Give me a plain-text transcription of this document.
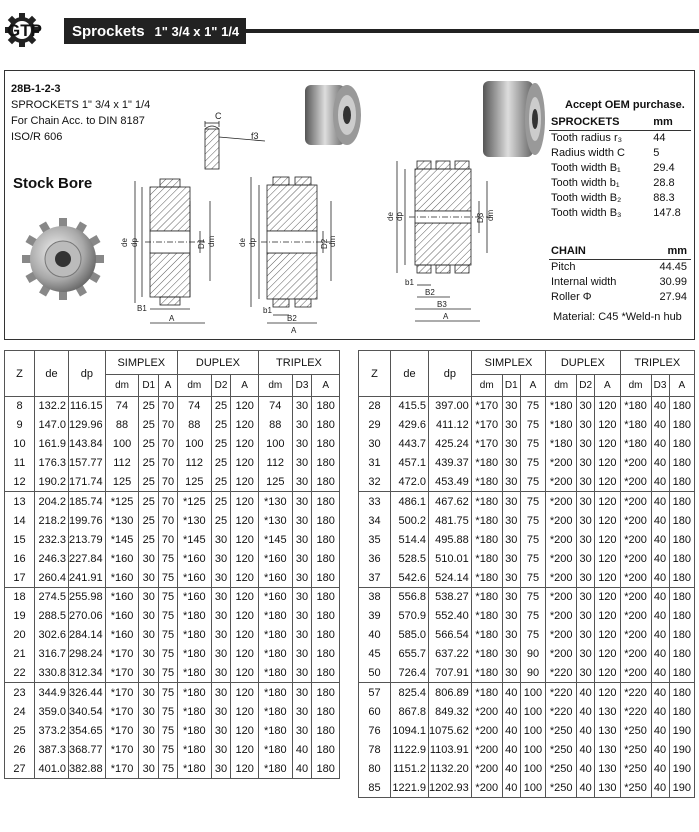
GTP Sprockets 1" 3/4 x 1" 1/4
28B-1-2-3
SPROCKETS 1" 3/4 x 1" 1/4
For Chain Acc. to DIN 8187
ISO/R 606
Stock Bore
C
f3
de dp	D1 dm
B1
A
de dp	D2 dm
b1
B2
A
de dp	D3 dm
b1
B2
B3
A
Accept OEM purchase.
SPROCKETS	mm
Tooth radius r₃	44
Radius width C	5
Tooth width B₁	29.4
Tooth width b₁	28.8
Tooth width B₂	88.3
Tooth width B₃	147.8
CHAIN	mm
Pitch	44.45
Internal width	30.99
Roller Φ	27.94
Material: C45 *Weld-n hub
Z	de	dp	SIMPLEX			DUPLEX			TRIPLEX		
			dm	D1	A	dm	D2	A	dm	D3	A
8	132.2	116.15	74	25	70	74	25	120	74	30	180
9	147.0	129.96	88	25	70	88	25	120	88	30	180
10	161.9	143.84	100	25	70	100	25	120	100	30	180
11	176.3	157.77	112	25	70	112	25	120	112	30	180
12	190.2	171.74	125	25	70	125	25	120	125	30	180
13	204.2	185.74	*125	25	70	*125	25	120	*130	30	180
14	218.2	199.76	*130	25	70	*130	25	120	*130	30	180
15	232.3	213.79	*145	25	70	*145	30	120	*145	30	180
16	246.3	227.84	*160	30	75	*160	30	120	*160	30	180
17	260.4	241.91	*160	30	75	*160	30	120	*160	30	180
18	274.5	255.98	*160	30	75	*160	30	120	*160	30	180
19	288.5	270.06	*160	30	75	*180	30	120	*180	30	180
20	302.6	284.14	*160	30	75	*180	30	120	*180	30	180
21	316.7	298.24	*170	30	75	*180	30	120	*180	30	180
22	330.8	312.34	*170	30	75	*180	30	120	*180	30	180
23	344.9	326.44	*170	30	75	*180	30	120	*180	30	180
24	359.0	340.54	*170	30	75	*180	30	120	*180	30	180
25	373.2	354.65	*170	30	75	*180	30	120	*180	30	180
26	387.3	368.77	*170	30	75	*180	30	120	*180	40	180
27	401.0	382.88	*170	30	75	*180	30	120	*180	40	180
Z	de	dp	SIMPLEX			DUPLEX			TRIPLEX		
			dm	D1	A	dm	D2	A	dm	D3	A
28	415.5	397.00	*170	30	75	*180	30	120	*180	40	180
29	429.6	411.12	*170	30	75	*180	30	120	*180	40	180
30	443.7	425.24	*170	30	75	*180	30	120	*180	40	180
31	457.1	439.37	*180	30	75	*200	30	120	*200	40	180
32	472.0	453.49	*180	30	75	*200	30	120	*200	40	180
33	486.1	467.62	*180	30	75	*200	30	120	*200	40	180
34	500.2	481.75	*180	30	75	*200	30	120	*200	40	180
35	514.4	495.88	*180	30	75	*200	30	120	*200	40	180
36	528.5	510.01	*180	30	75	*200	30	120	*200	40	180
37	542.6	524.14	*180	30	75	*200	30	120	*200	40	180
38	556.8	538.27	*180	30	75	*200	30	120	*200	40	180
39	570.9	552.40	*180	30	75	*200	30	120	*200	40	180
40	585.0	566.54	*180	30	75	*200	30	120	*200	40	180
45	655.7	637.22	*180	30	90	*200	30	120	*200	40	180
50	726.4	707.91	*180	30	90	*220	30	120	*200	40	180
57	825.4	806.89	*180	40	100	*220	40	120	*220	40	180
60	867.8	849.32	*200	40	100	*220	40	130	*220	40	180
76	1094.1	1075.62	*200	40	100	*250	40	130	*250	40	190
78	1122.9	1103.91	*200	40	100	*250	40	130	*250	40	190
80	1151.2	1132.20	*200	40	100	*250	40	130	*250	40	190
85	1221.9	1202.93	*200	40	100	*250	40	130	*250	40	190
